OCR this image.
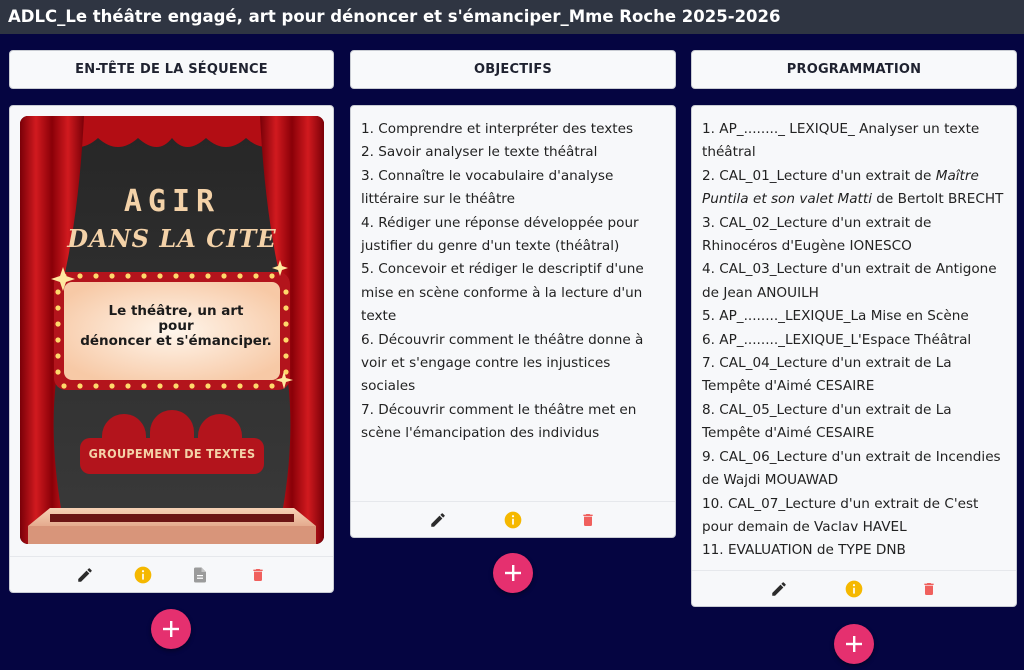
ADLC_Le théâtre engagé, art pour dénoncer et s'émanciper_Mme Roche 2025-2026
EN-TÊTE DE LA SÉQUENCE	OBJECTIFS	PROGRAMMATION
AGIR
DANS LA CITE
Le théâtre, un art
pour
dénoncer et s'émanciper.
GROUPEMENT DE TEXTES
1. Comprendre et interpréter des textes
2. Savoir analyser le texte théâtral
3. Connaître le vocabulaire d'analyse
littéraire sur le théâtre
4. Rédiger une réponse développée pour
justifier du genre d'un texte (théâtral)
5. Concevoir et rédiger le descriptif d'une
mise en scène conforme à la lecture d'un
texte
6. Découvrir comment le théâtre donne à
voir et s'engage contre les injustices
sociales
7. Découvrir comment le théâtre met en
scène l'émancipation des individus
1. AP_........_ LEXIQUE_ Analyser un texte
théâtral
2. CAL_01_Lecture d'un extrait de Maître
Puntila et son valet Matti de Bertolt BRECHT
3. CAL_02_Lecture d'un extrait de
Rhinocéros d'Eugène IONESCO
4. CAL_03_Lecture d'un extrait de Antigone
de Jean ANOUILH
5. AP_........_LEXIQUE_La Mise en Scène
6. AP_........_LEXIQUE_L'Espace Théâtral
7. CAL_04_Lecture d'un extrait de La
Tempête d'Aimé CESAIRE
8. CAL_05_Lecture d'un extrait de La
Tempête d'Aimé CESAIRE
9. CAL_06_Lecture d'un extrait de Incendies
de Wajdi MOUAWAD
10. CAL_07_Lecture d'un extrait de C'est
pour demain de Vaclav HAVEL
11. EVALUATION de TYPE DNB
